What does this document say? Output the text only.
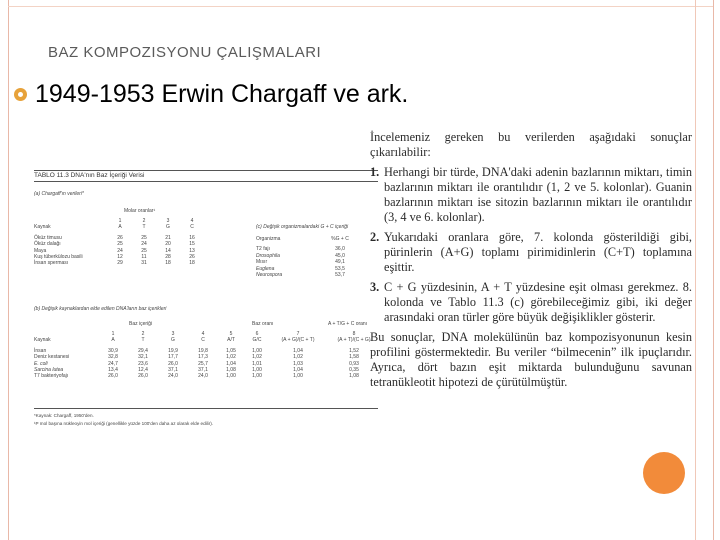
BAZ KOMPOZISYONU ÇALIŞMALARI
1949-1953 Erwin Chargaff ve ark.
TABLO 11.3 DNA'nın Baz İçeriği Verisi
(a) Chargaff'ın verileri*
Molar oranlar¹
	1	2	3	4
Kaynak	A	T	G	C

Öküz timusu	26	25	21	16
Öküz dalağı	25	24	20	15
Maya	24	25	14	13
Kuş tüberkülozu basili	12	11	28	26
İnsan sperması	29	31	18	18
(c) Değişik organizmalardaki G + C içeriği
Organizma	%G + C

T2 fajı	36,0
Drosophila	45,0
Mısır	49,1
Euglena	53,5
Neurospora	53,7
(b) Değişik kaynaklardan elde edilen DNA'ların baz içerikleri
Baz içeriği	Baz oranı	A + T/G + C oranı
	1	2	3	4	5	6	7	8
Kaynak	A	T	G	C	A/T	G/C	(A + G)/(C + T)	(A + T)/(C + G)

İnsan	30,9	29,4	19,9	19,8	1,05	1,00	1,04	1,52
Deniz kestanesi	32,8	32,1	17,7	17,3	1,02	1,02	1,02	1,58
E. coli	24,7	23,6	26,0	25,7	1,04	1,01	1,03	0,93
Sarcina lutea	13,4	12,4	37,1	37,1	1,08	1,00	1,04	0,35
T7 bakteriyofajı	26,0	26,0	24,0	24,0	1,00	1,00	1,00	1,08
*Kaynak: Chargaff, 1950'den.
¹P mol başına nükleoyin mol içeriği (genellikle yüzde 100'den daha az olarak elde edilir).

İncelemeniz gereken bu verilerden aşağıdaki sonuçlar çıkarılabilir:

1. Herhangi bir türde, DNA'daki adenin bazlarının miktarı, timin bazlarının miktarı ile orantılıdır (1, 2 ve 5. kolonlar). Guanin bazlarının miktarı ise sitozin bazlarının miktarı ile orantılıdır (3, 4 ve 6. kolonlar).
2. Yukarıdaki oranlara göre, 7. kolonda gösterildiği gibi, pürinlerin (A+G) toplamı pirimidinlerin (C+T) toplamına eşittir.
3. C + G yüzdesinin, A + T yüzdesine eşit olması gerekmez. 8. kolonda ve Tablo 11.3 (c) görebileceğimiz gibi, iki değer arasındaki oran türler göre büyük değişiklikler gösterir.

Bu sonuçlar, DNA molekülünün baz kompozisyonunun kesin profilini göstermektedir. Bu veriler “bilmecenin” ilk ipuçlarıdır. Ayrıca, dört bazın eşit miktarda bulunduğunu savunan tetranükleotit hipotezi de çürütülmüştür.
